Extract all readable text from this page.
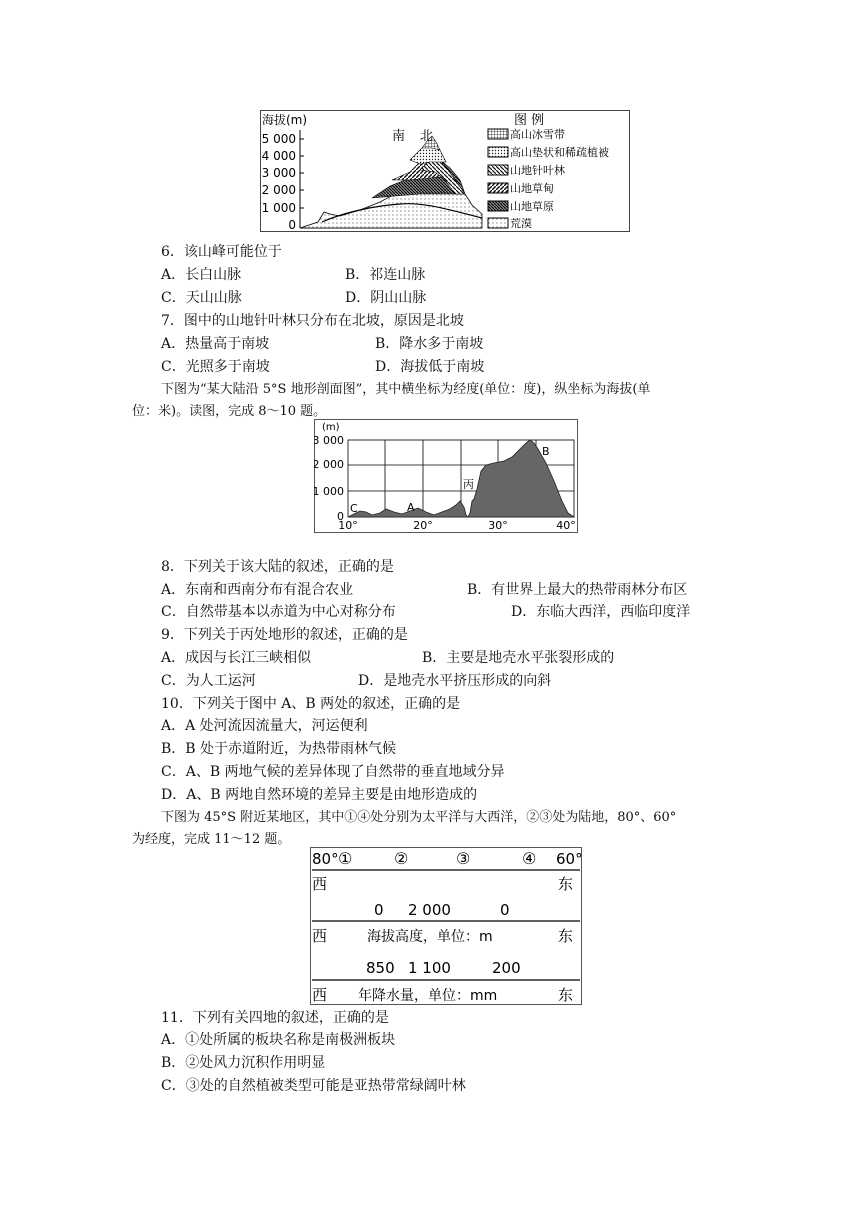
海拔(m)
5 000
4 000
3 000
2 000
1 000
0
南 北
图 例
高山冰雪带
高山垫状和稀疏植被
山地针叶林
山地草甸
山地草原
荒漠
6．该山峰可能位于
A．长白山脉	B．祁连山脉
C．天山山脉	D．阴山山脉
7．图中的山地针叶林只分布在北坡，原因是北坡
A．热量高于南坡	B．降水多于南坡
C．光照多于南坡	D．海拔低于南坡
下图为“某大陆沿 5°S 地形剖面图”，其中横坐标为经度(单位：度)，纵坐标为海拔(单
位：米)。读图，完成 8～10 题。
(m)
3 000
2 000
1 000
0
C	A
丙
B
10°	20°	30°	40°
8．下列关于该大陆的叙述，正确的是
A．东南和西南分布有混合农业	B．有世界上最大的热带雨林分布区
C．自然带基本以赤道为中心对称分布	D．东临大西洋，西临印度洋
9．下列关于丙处地形的叙述，正确的是
A．成因与长江三峡相似	B．主要是地壳水平张裂形成的
C．为人工运河	D．是地壳水平挤压形成的向斜
10．下列关于图中 A、B 两处的叙述，正确的是
A．A 处河流因流量大，河运便利
B．B 处于赤道附近，为热带雨林气候
C．A、B 两地气候的差异体现了自然带的垂直地域分异
D．A、B 两地自然环境的差异主要是由地形造成的
下图为 45°S 附近某地区，其中①④处分别为太平洋与大西洋，②③处为陆地，80°、60°
为经度，完成 11～12 题。
80°	60°
①	②	③	④
西	东
0 2 000	0
西	海拔高度，单位：m	东
850 1 100	200
西 年降水量，单位：mm	东
11．下列有关四地的叙述，正确的是
A．①处所属的板块名称是南极洲板块
B．②处风力沉积作用明显
C．③处的自然植被类型可能是亚热带常绿阔叶林
